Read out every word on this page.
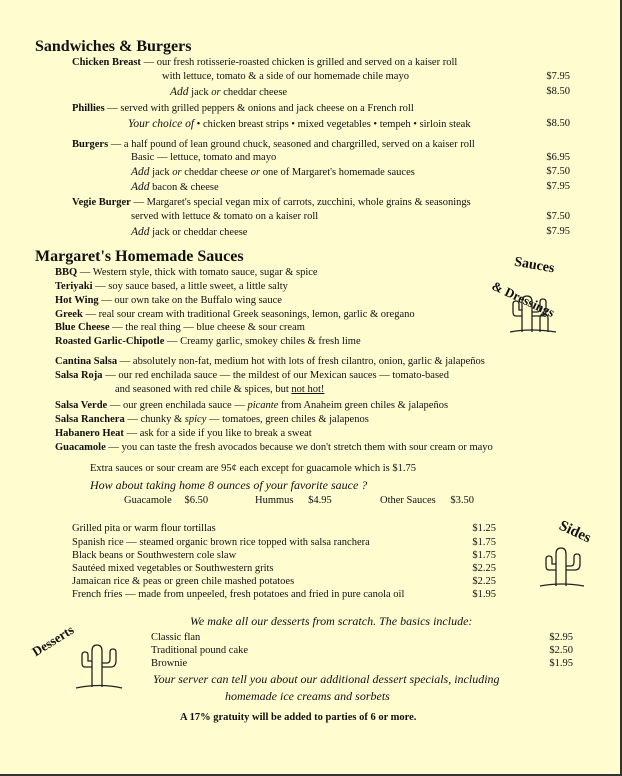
Sandwiches & Burgers
Chicken Breast — our fresh rotisserie-roasted chicken is grilled and served on a kaiser roll
with lettuce, tomato & a side of our homemade chile mayo	$7.95
Add jack or cheddar cheese	$8.50
Phillies — served with grilled peppers & onions and jack cheese on a French roll
Your choice of • chicken breast strips • mixed vegetables • tempeh • sirloin steak	$8.50
Burgers — a half pound of lean ground chuck, seasoned and chargrilled, served on a kaiser roll
Basic — lettuce, tomato and mayo	$6.95
Add jack or cheddar cheese or one of Margaret's homemade sauces	$7.50
Add bacon & cheese	$7.95
Vegie Burger — Margaret's special vegan mix of carrots, zucchini, whole grains & seasonings
served with lettuce & tomato on a kaiser roll	$7.50
Add jack or cheddar cheese	$7.95
Margaret's Homemade Sauces	Sauces
& Dressings
BBQ — Western style, thick with tomato sauce, sugar & spice
Teriyaki — soy sauce based, a little sweet, a little salty
Hot Wing — our own take on the Buffalo wing sauce
Greek — real sour cream with traditional Greek seasonings, lemon, garlic & oregano
Blue Cheese — the real thing — blue cheese & sour cream
Roasted Garlic-Chipotle — Creamy garlic, smokey chiles & fresh lime
Cantina Salsa — absolutely non-fat, medium hot with lots of fresh cilantro, onion, garlic & jalapeños
Salsa Roja — our red enchilada sauce — the mildest of our Mexican sauces — tomato-based
and seasoned with red chile & spices, but not hot!
Salsa Verde — our green enchilada sauce — picante from Anaheim green chiles & jalapeños
Salsa Ranchera — chunky & spicy — tomatoes, green chiles & jalapenos
Habanero Heat — ask for a side if you like to break a sweat
Guacamole — you can taste the fresh avocados because we don't stretch them with sour cream or mayo
Extra sauces or sour cream are 95¢ each except for guacamole which is $1.75
How about taking home 8 ounces of your favorite sauce ?
Guacamole $6.50	Hummus $4.95	Other Sauces $3.50
Sides
Grilled pita or warm flour tortillas	$1.25
Spanish rice — steamed organic brown rice topped with salsa ranchera	$1.75
Black beans or Southwestern cole slaw	$1.75
Sautéed mixed vegetables or Southwestern grits	$2.25
Jamaican rice & peas or green chile mashed potatoes	$2.25
French fries — made from unpeeled, fresh potatoes and fried in pure canola oil	$1.95
Desserts
We make all our desserts from scratch. The basics include:
Classic flan	$2.95
Traditional pound cake	$2.50
Brownie	$1.95
Your server can tell you about our additional dessert specials, including
homemade ice creams and sorbets
A 17% gratuity will be added to parties of 6 or more.
